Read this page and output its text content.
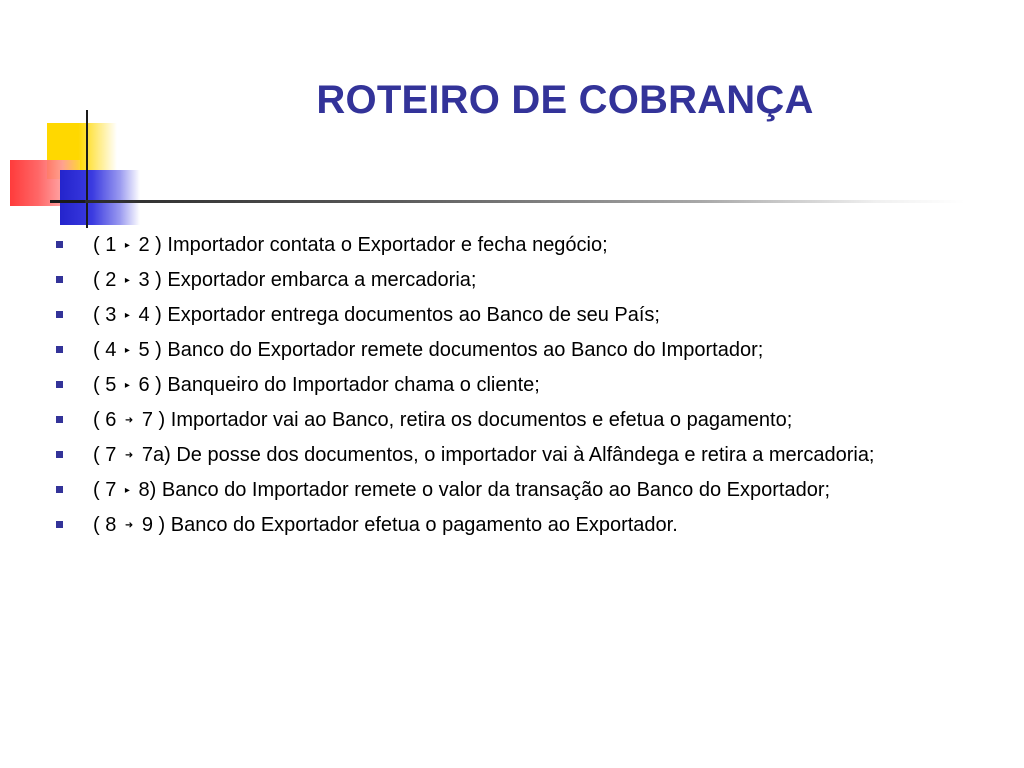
ROTEIRO DE COBRANÇA
( 1 ▸ 2 ) Importador contata o Exportador e fecha negócio;
( 2 ▸ 3 ) Exportador embarca a mercadoria;
( 3 ▸ 4 ) Exportador entrega documentos ao Banco de seu País;
( 4 ▸ 5 ) Banco do Exportador remete documentos ao Banco do Importador;
( 5 ▸ 6 ) Banqueiro do Importador chama o cliente;
( 6 ➜ 7 ) Importador vai ao Banco, retira os documentos e efetua o pagamento;
( 7 ➜ 7a) De posse dos documentos, o importador vai à Alfândega e retira a mercadoria;
( 7 ▸ 8) Banco do Importador remete o valor da transação ao Banco do Exportador;
( 8 ➜ 9 ) Banco do Exportador efetua o pagamento ao Exportador.
